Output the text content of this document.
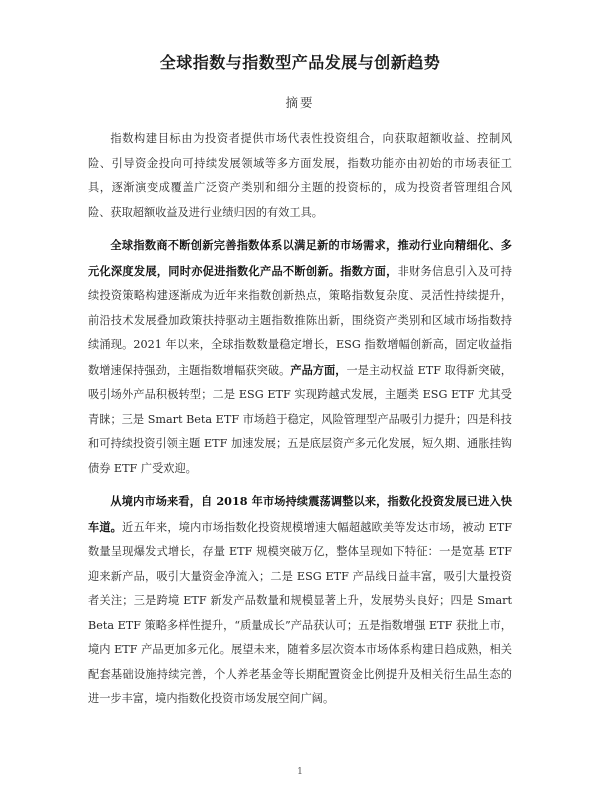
全球指数与指数型产品发展与创新趋势
摘要

指数构建目标由为投资者提供市场代表性投资组合，向获取超额收益、控制风险、引导资金投向可持续发展领域等多方面发展，指数功能亦由初始的市场表征工具，逐渐演变成覆盖广泛资产类别和细分主题的投资标的，成为投资者管理组合风险、获取超额收益及进行业绩归因的有效工具。

全球指数商不断创新完善指数体系以满足新的市场需求，推动行业向精细化、多元化深度发展，同时亦促进指数化产品不断创新。指数方面，非财务信息引入及可持续投资策略构建逐渐成为近年来指数创新热点，策略指数复杂度、灵活性持续提升，前沿技术发展叠加政策扶持驱动主题指数推陈出新，围绕资产类别和区域市场指数持续涌现。2021 年以来，全球指数数量稳定增长，ESG 指数增幅创新高，固定收益指数增速保持强劲，主题指数增幅获突破。产品方面，一是主动权益 ETF 取得新突破，吸引场外产品积极转型；二是 ESG ETF 实现跨越式发展，主题类 ESG ETF 尤其受青睐；三是 Smart Beta ETF 市场趋于稳定，风险管理型产品吸引力提升；四是科技和可持续投资引领主题 ETF 加速发展；五是底层资产多元化发展，短久期、通胀挂钩债券 ETF 广受欢迎。

从境内市场来看，自 2018 年市场持续震荡调整以来，指数化投资发展已进入快车道。近五年来，境内市场指数化投资规模增速大幅超越欧美等发达市场，被动 ETF 数量呈现爆发式增长，存量 ETF 规模突破万亿，整体呈现如下特征：一是宽基 ETF 迎来新产品，吸引大量资金净流入；二是 ESG ETF 产品线日益丰富，吸引大量投资者关注；三是跨境 ETF 新发产品数量和规模显著上升，发展势头良好；四是 Smart Beta ETF 策略多样性提升，“质量成长”产品获认可；五是指数增强 ETF 获批上市，境内 ETF 产品更加多元化。展望未来，随着多层次资本市场体系构建日趋成熟，相关配套基础设施持续完善，个人养老基金等长期配置资金比例提升及相关衍生品生态的进一步丰富，境内指数化投资市场发展空间广阔。

1
